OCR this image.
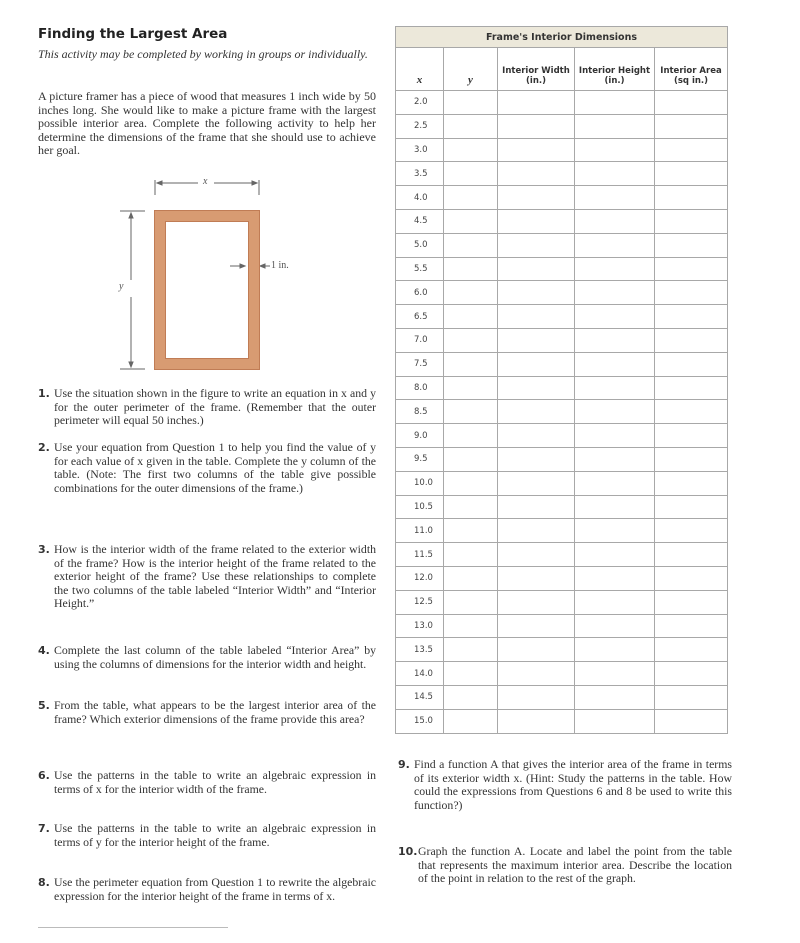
Finding the Largest Area
This activity may be completed by working in groups or individually.
A picture framer has a piece of wood that measures 1 inch wide by 50 inches long. She would like to make a picture frame with the largest possible interior area. Complete the following activity to help her determine the dimensions of the frame that she should use to achieve her goal.
x
y
1 in.
1. Use the situation shown in the figure to write an equation in x and y for the outer perimeter of the frame. (Remember that the outer perimeter will equal 50 inches.)
2. Use your equation from Question 1 to help you find the value of y for each value of x given in the table. Complete the y column of the table. (Note: The first two columns of the table give possible combinations for the outer dimensions of the frame.)
3. How is the interior width of the frame related to the exterior width of the frame? How is the interior height of the frame related to the exterior height of the frame? Use these relationships to complete the two columns of the table labeled “Interior Width” and “Interior Height.”
4. Complete the last column of the table labeled “Interior Area” by using the columns of dimensions for the interior width and height.
5. From the table, what appears to be the largest interior area of the frame? Which exterior dimensions of the frame provide this area?
6. Use the patterns in the table to write an algebraic expression in terms of x for the interior width of the frame.
7. Use the patterns in the table to write an algebraic expression in terms of y for the interior height of the frame.
8. Use the perimeter equation from Question 1 to rewrite the algebraic expression for the interior height of the frame in terms of x.
9. Find a function A that gives the interior area of the frame in terms of its exterior width x. (Hint: Study the patterns in the table. How could the expressions from Questions 6 and 8 be used to write this function?)
10. Graph the function A. Locate and label the point from the table that represents the maximum interior area. Describe the location of the point in relation to the rest of the graph.
Frame's Interior Dimensions				
x	y	Interior Width (in.)	Interior Height (in.)	Interior Area (sq in.)
2.0				
2.5				
3.0				
3.5				
4.0				
4.5				
5.0				
5.5				
6.0				
6.5				
7.0				
7.5				
8.0				
8.5				
9.0				
9.5				
10.0				
10.5				
11.0				
11.5				
12.0				
12.5				
13.0				
13.5				
14.0				
14.5				
15.0				
